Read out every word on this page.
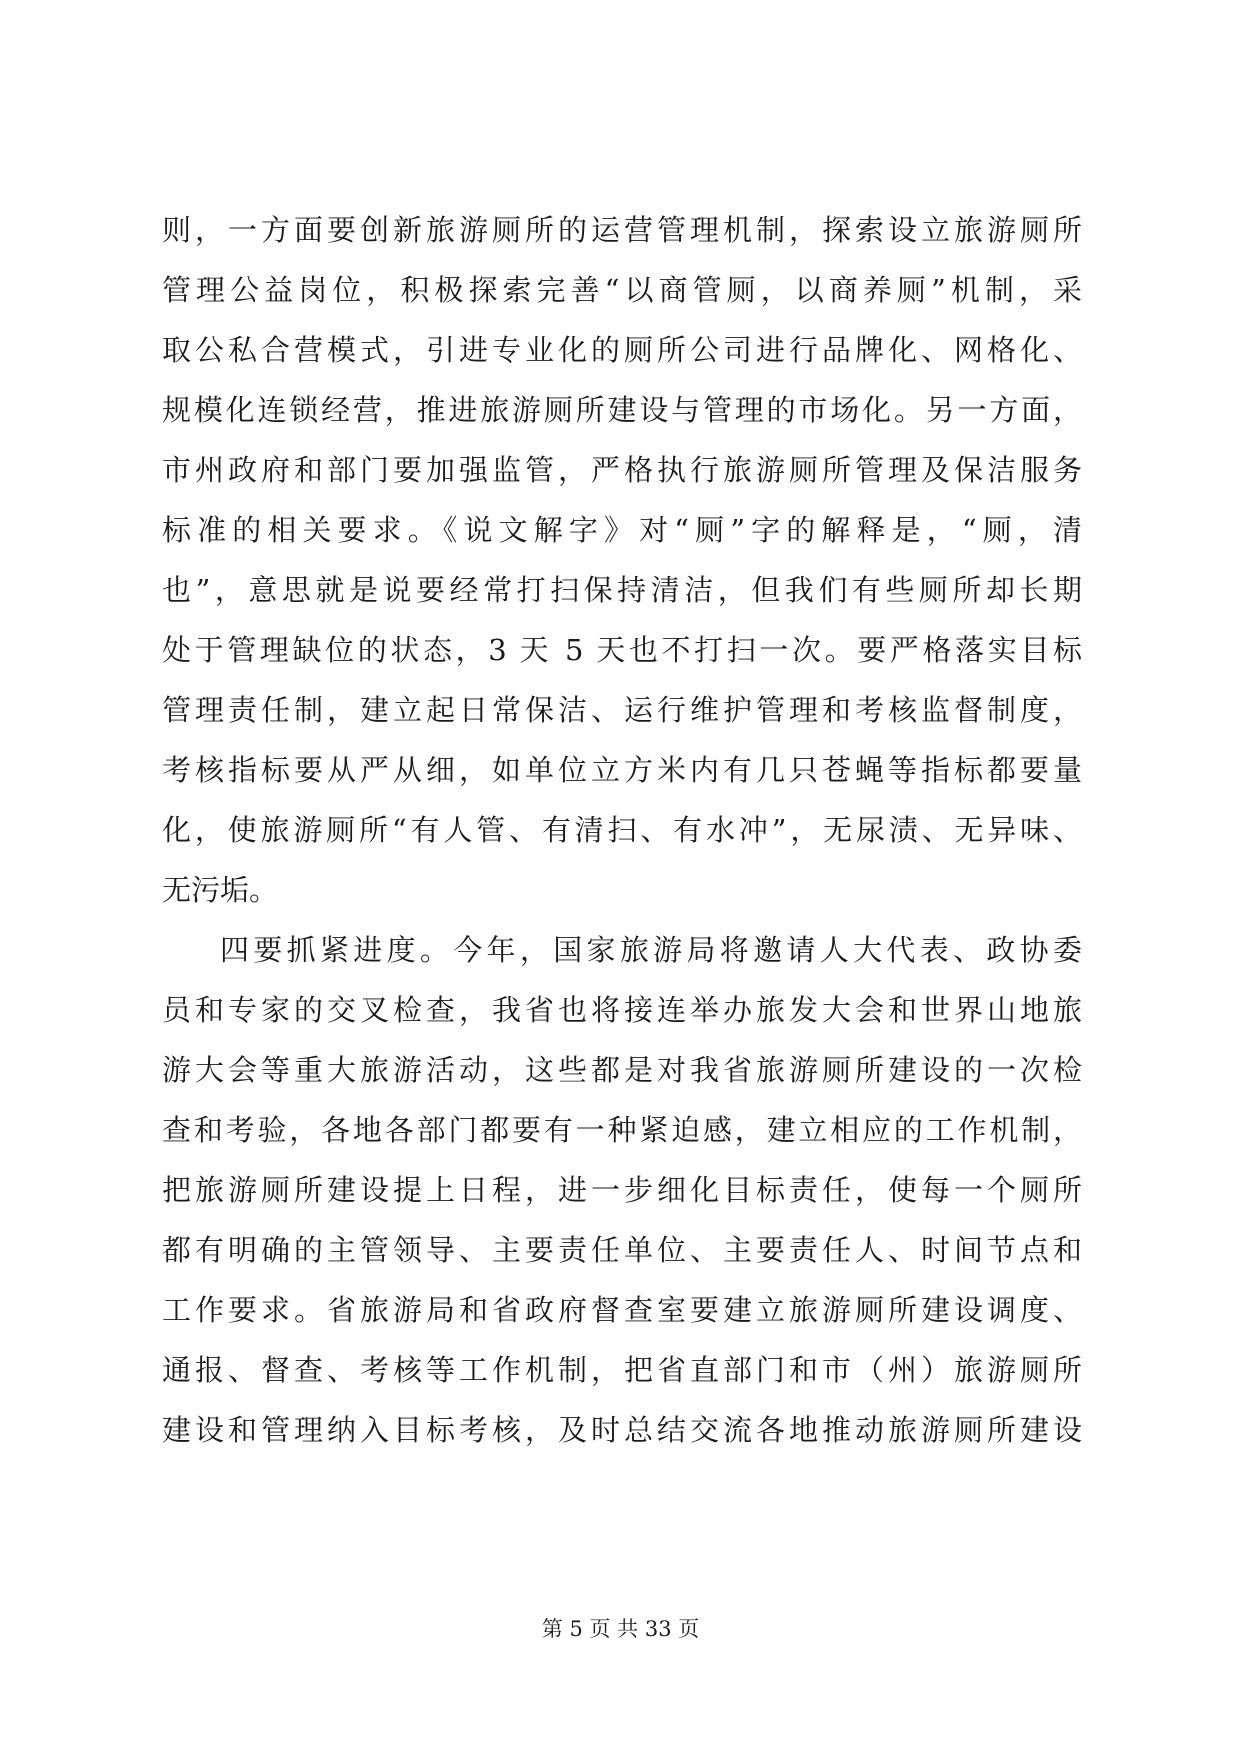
则，一方面要创新旅游厕所的运营管理机制，探索设立旅游厕所
管理公益岗位，积极探索完善“以商管厕，以商养厕”机制，采
取公私合营模式，引进专业化的厕所公司进行品牌化、网格化、
规模化连锁经营，推进旅游厕所建设与管理的市场化。另一方面，
市州政府和部门要加强监管，严格执行旅游厕所管理及保洁服务
标准的相关要求。《说文解字》对“厕”字的解释是，“厕，清
也”，意思就是说要经常打扫保持清洁，但我们有些厕所却长期
处于管理缺位的状态，3 天 5 天也不打扫一次。要严格落实目标
管理责任制，建立起日常保洁、运行维护管理和考核监督制度，
考核指标要从严从细，如单位立方米内有几只苍蝇等指标都要量
化，使旅游厕所“有人管、有清扫、有水冲”，无尿渍、无异味、
无污垢。
四要抓紧进度。今年，国家旅游局将邀请人大代表、政协委
员和专家的交叉检查，我省也将接连举办旅发大会和世界山地旅
游大会等重大旅游活动，这些都是对我省旅游厕所建设的一次检
查和考验，各地各部门都要有一种紧迫感，建立相应的工作机制，
把旅游厕所建设提上日程，进一步细化目标责任，使每一个厕所
都有明确的主管领导、主要责任单位、主要责任人、时间节点和
工作要求。省旅游局和省政府督查室要建立旅游厕所建设调度、
通报、督查、考核等工作机制，把省直部门和市（州）旅游厕所
建设和管理纳入目标考核，及时总结交流各地推动旅游厕所建设
第 5 页 共 33 页
